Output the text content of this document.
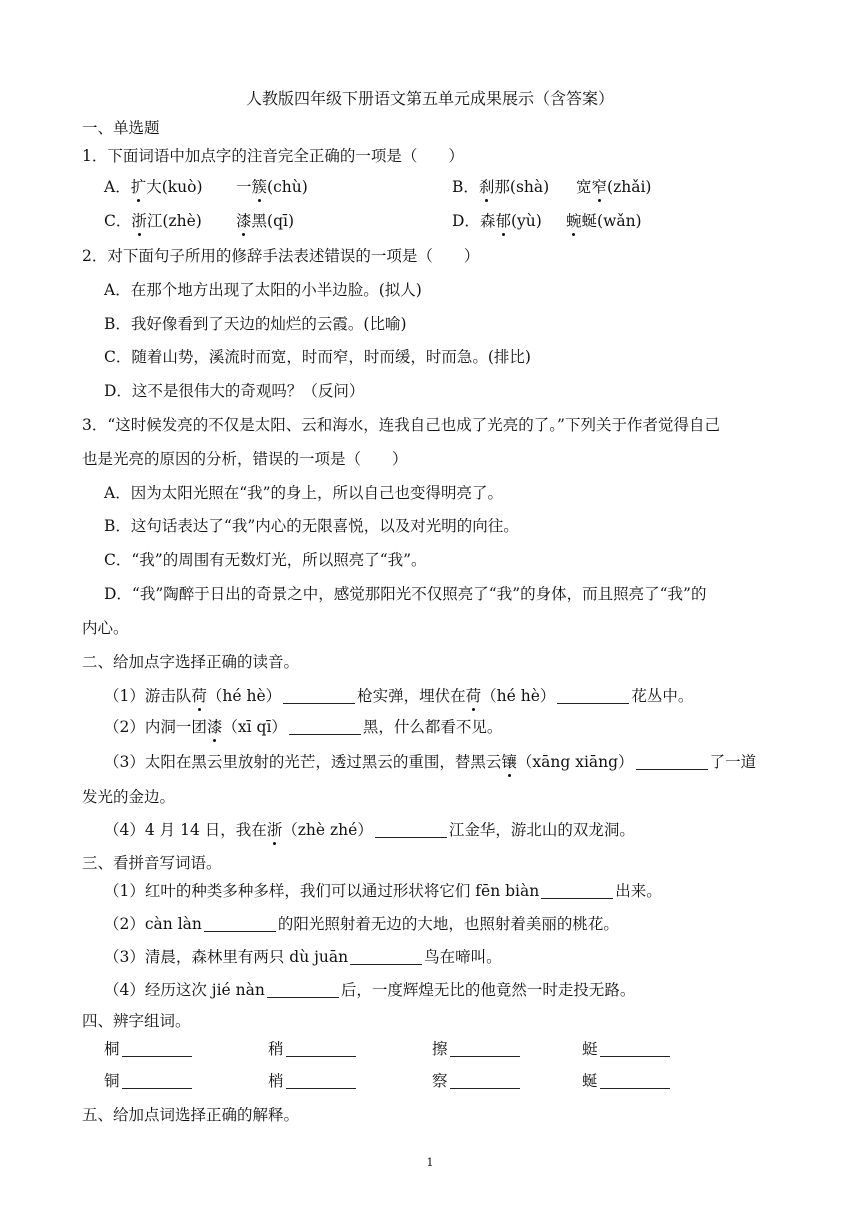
人教版四年级下册语文第五单元成果展示（含答案）
一、单选题
1．下面词语中加点字的注音完全正确的一项是（　　）
A．扩大(kuò) 一簇(chù)	B．刹那(shà) 宽窄(zhǎi)
C．浙江(zhè) 漆黑(qī)	D．森郁(yù) 蜿蜒(wǎn)
2．对下面句子所用的修辞手法表述错误的一项是（　　）
A．在那个地方出现了太阳的小半边脸。(拟人)
B．我好像看到了天边的灿烂的云霞。(比喻)
C．随着山势，溪流时而宽，时而窄，时而缓，时而急。(排比)
D．这不是很伟大的奇观吗？（反问）
3．“这时候发亮的不仅是太阳、云和海水，连我自己也成了光亮的了。”下列关于作者觉得自己
也是光亮的原因的分析，错误的一项是（　　）
A．因为太阳光照在“我”的身上，所以自己也变得明亮了。
B．这句话表达了“我”内心的无限喜悦，以及对光明的向往。
C．“我”的周围有无数灯光，所以照亮了“我”。
D．“我”陶醉于日出的奇景之中，感觉那阳光不仅照亮了“我”的身体，而且照亮了“我”的
内心。
二、给加点字选择正确的读音。
（1）游击队荷（hé hè）	枪实弹，埋伏在荷（hé hè）	花丛中。
（2）内洞一团漆（xī qī）	黑，什么都看不见。
（3）太阳在黑云里放射的光芒，透过黑云的重围，替黑云镶（xāng xiāng）	了一道
发光的金边。
（4）4 月 14 日，我在浙（zhè zhé）	江金华，游北山的双龙洞。
三、看拼音写词语。
（1）红叶的种类多种多样，我们可以通过形状将它们 fēn biàn	出来。
（2）càn làn	的阳光照射着无边的大地，也照射着美丽的桃花。
（3）清晨，森林里有两只 dù juān	鸟在啼叫。
（4）经历这次 jié nàn	后，一度辉煌无比的他竟然一时走投无路。
四、辨字组词。
桐	稍	擦	蜓
铜	梢	察	蜒
五、给加点词选择正确的解释。
1
